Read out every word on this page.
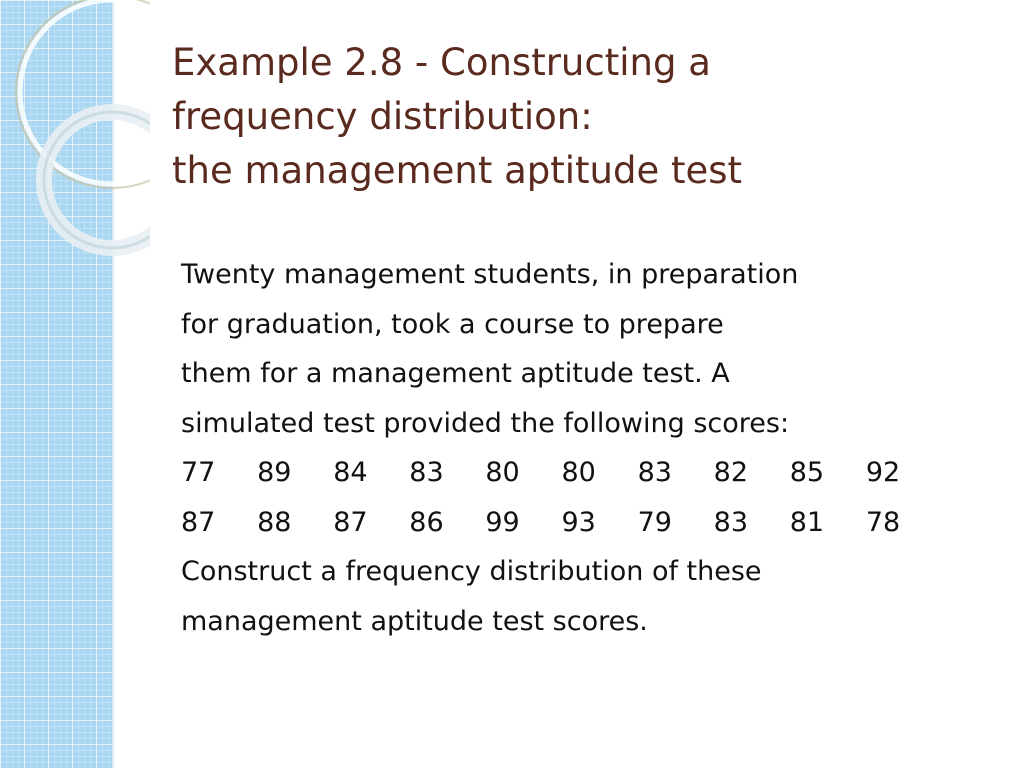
Example 2.8 - Constructing a
frequency distribution:
the management aptitude test
Twenty management students, in preparation
for graduation, took a course to prepare
them for a management aptitude test. A
simulated test provided the following scores:
77 89 84 83 80 80 83 82 85 92
87 88 87 86 99 93 79 83 81 78
Construct a frequency distribution of these
management aptitude test scores.
